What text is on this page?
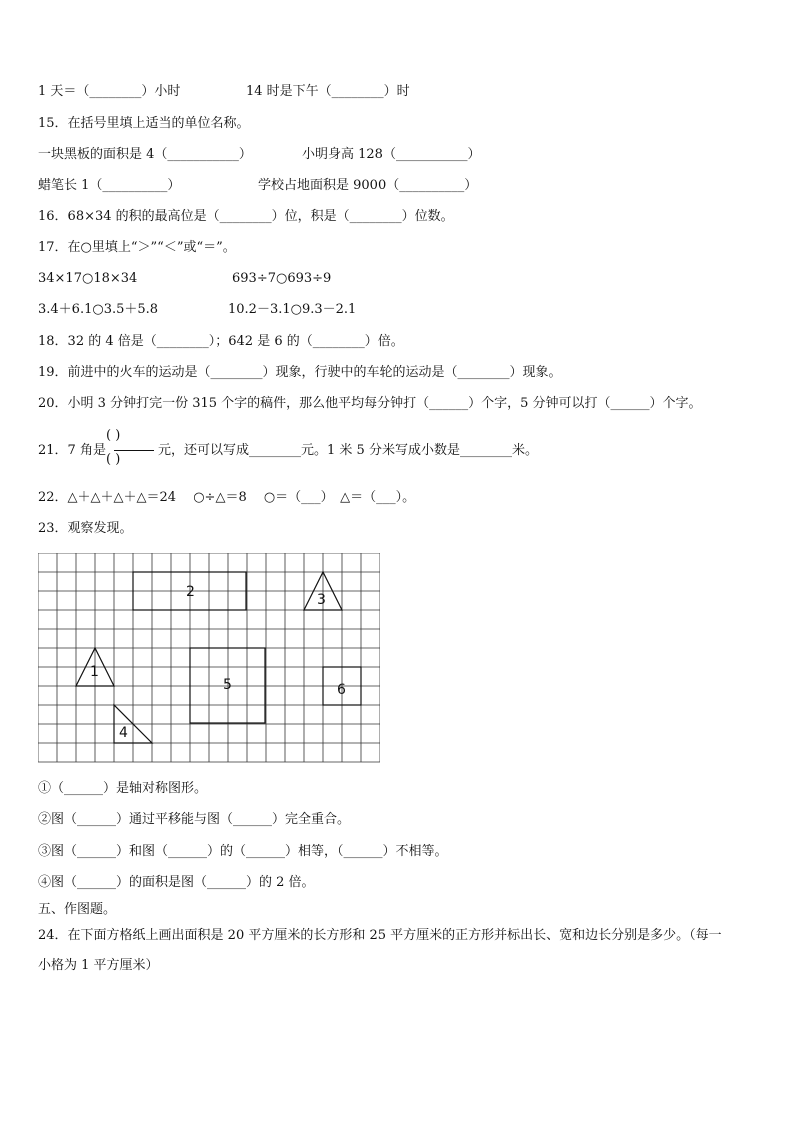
1 天＝（________）小时	14 时是下午（________）时
15．在括号里填上适当的单位名称。
一块黑板的面积是 4（___________）	小明身高 128（___________）
蜡笔长 1（__________）	学校占地面积是 9000（__________）
16．68×34 的积的最高位是（________）位，积是（________）位数。
17．在○里填上“＞”“＜”或“＝”。
34×17○18×34	693÷7○693÷9
3.4＋6.1○3.5＋5.8	10.2－3.1○9.3－2.1
18．32 的 4 倍是（________）；642 是 6 的（________）倍。
19．前进中的火车的运动是（________）现象，行驶中的车轮的运动是（________）现象。
20．小明 3 分钟打完一份 315 个字的稿件，那么他平均每分钟打（______）个字，5 分钟可以打（______）个字。
21．7 角是
( )
( )
元，还可以写成________元。1 米 5 分米写成小数是________米。
22．△＋△＋△＋△＝24　 ○÷△＝8　 ○＝（___）　△＝（___）。
23．观察发现。
2	3
1
5	6
4
①（______）是轴对称图形。
②图（______）通过平移能与图（______）完全重合。
③图（______）和图（______）的（______）相等，（______）不相等。
④图（______）的面积是图（______）的 2 倍。
五、作图题。
24．在下面方格纸上画出面积是 20 平方厘米的长方形和 25 平方厘米的正方形并标出长、宽和边长分别是多少。（每一
小格为 1 平方厘米）
